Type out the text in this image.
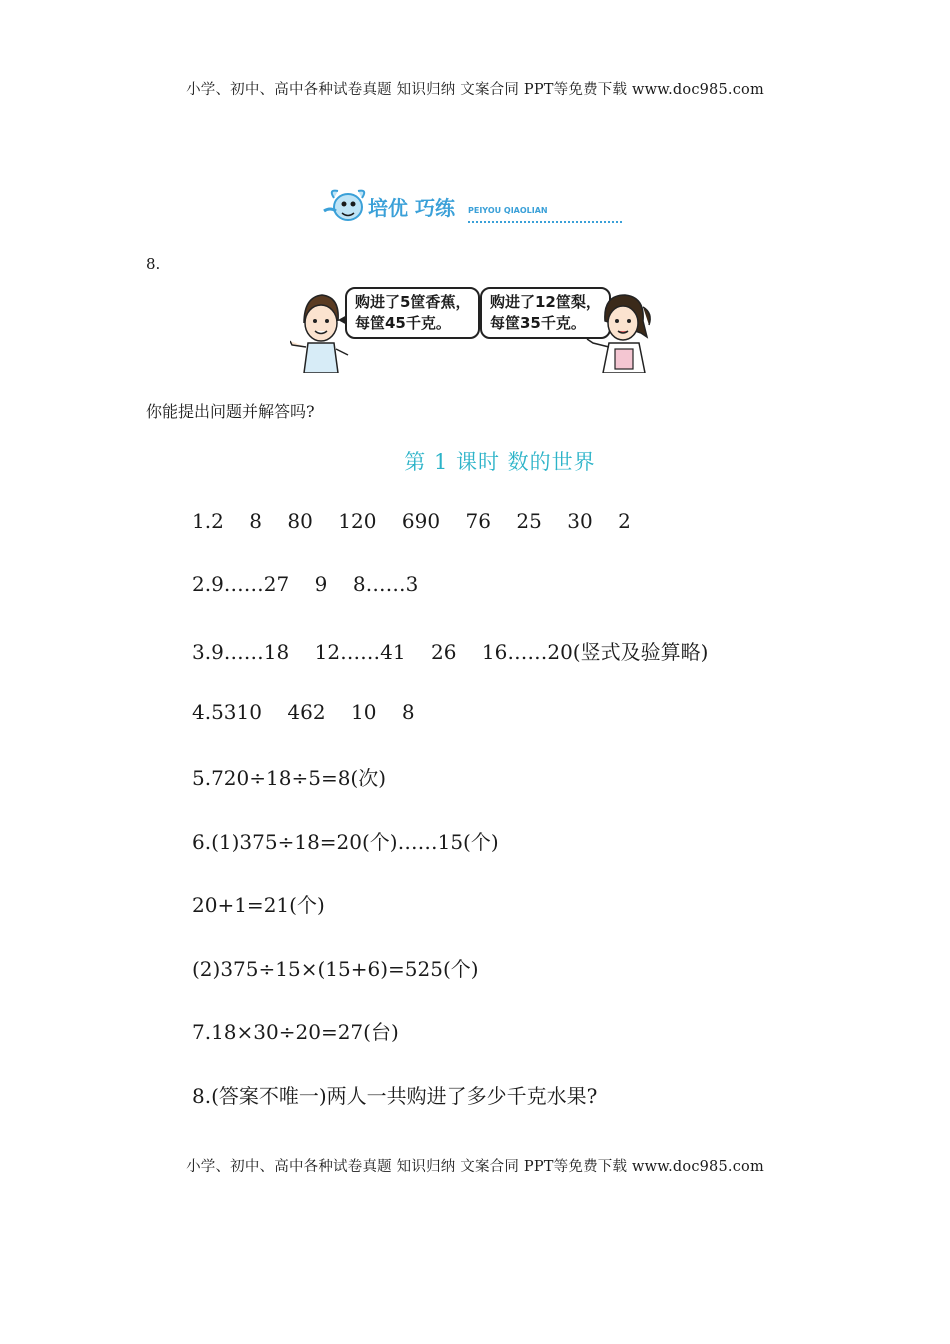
小学、初中、高中各种试卷真题 知识归纳 文案合同 PPT等免费下载 www.doc985.com
培优 巧练 PEIYOU QIAOLIAN
8.
购进了5筐香蕉，
每筐45千克。
购进了12筐梨，
每筐35千克。
你能提出问题并解答吗?
第 1 课时 数的世界
1.2    8    80    120    690    76    25    30    2
2.9……27    9    8……3
3.9……18    12……41    26    16……20(竖式及验算略)
4.5310    462    10    8
5.720÷18÷5=8(次)
6.(1)375÷18=20(个)……15(个)
20+1=21(个)
(2)375÷15×(15+6)=525(个)
7.18×30÷20=27(台)
8.(答案不唯一)两人一共购进了多少千克水果?
小学、初中、高中各种试卷真题 知识归纳 文案合同 PPT等免费下载 www.doc985.com
